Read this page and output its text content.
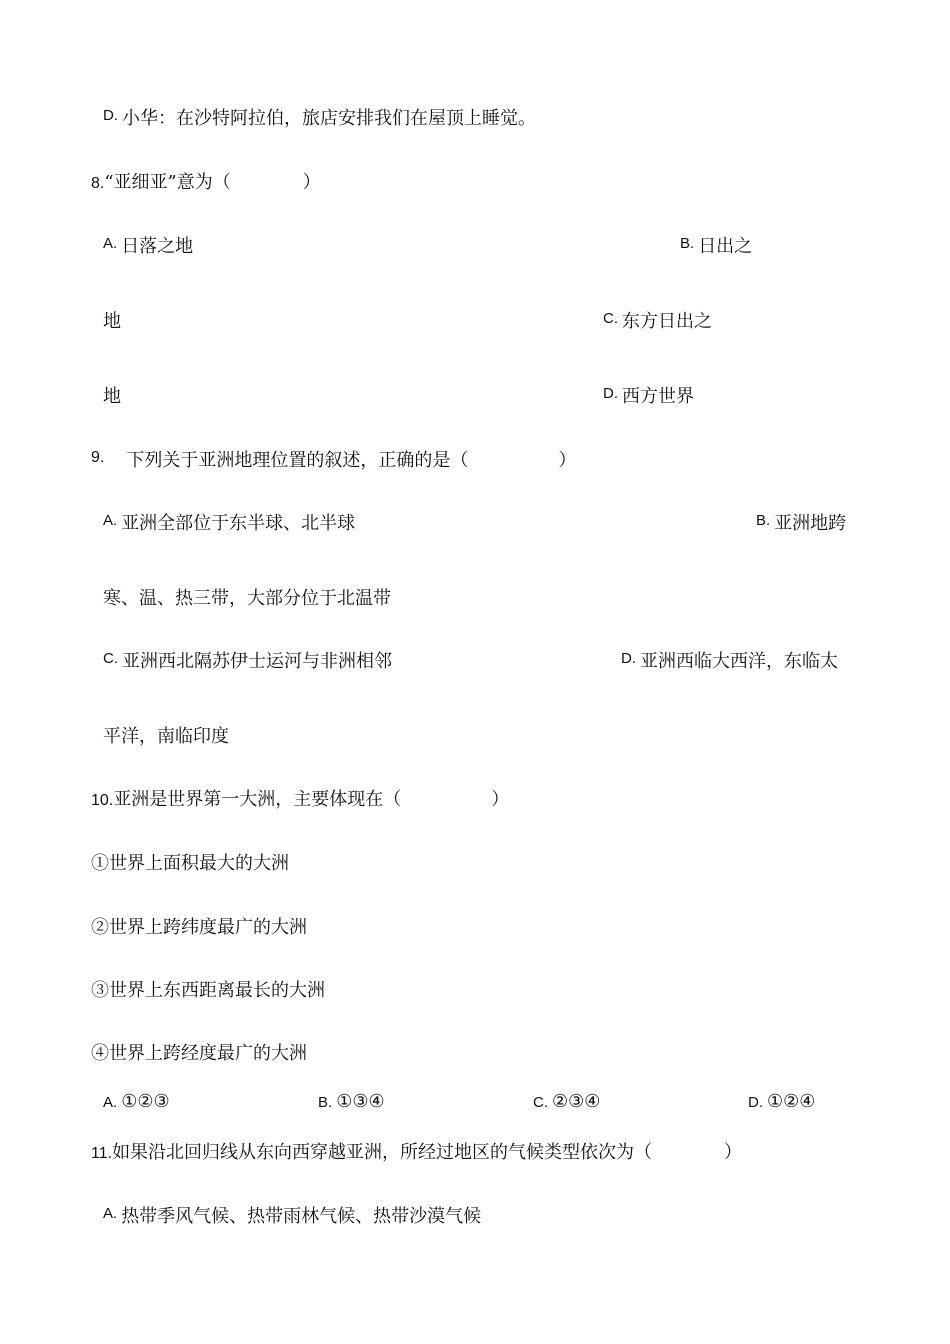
$^{D.}$ 小华：在沙特阿拉伯，旅店安排我们在屋顶上睡觉。
8.“亚细亚”意为（　　　　）
$^{A.}$ 日落之地	$^{B.}$ 日出之
地	$^{C.}$ 东方日出之
地	$^{D.}$ 西方世界
9. 下列关于亚洲地理位置的叙述，正确的是（　　　　　）
$^{A.}$ 亚洲全部位于东半球、北半球	$^{B.}$ 亚洲地跨
寒、温、热三带，大部分位于北温带
$^{C.}$ 亚洲西北隔苏伊士运河与非洲相邻	$^{D.}$ 亚洲西临大西洋，东临太
平洋，南临印度
10.亚洲是世界第一大洲，主要体现在（　　　　　）
①世界上面积最大的大洲
②世界上跨纬度最广的大洲
③世界上东西距离最长的大洲
④世界上跨经度最广的大洲
A. ①②③	B. ①③④	C. ②③④	D. ①②④
11.如果沿北回归线从东向西穿越亚洲，所经过地区的气候类型依次为（　　　　）
$^{A.}$ 热带季风气候、热带雨林气候、热带沙漠气候
